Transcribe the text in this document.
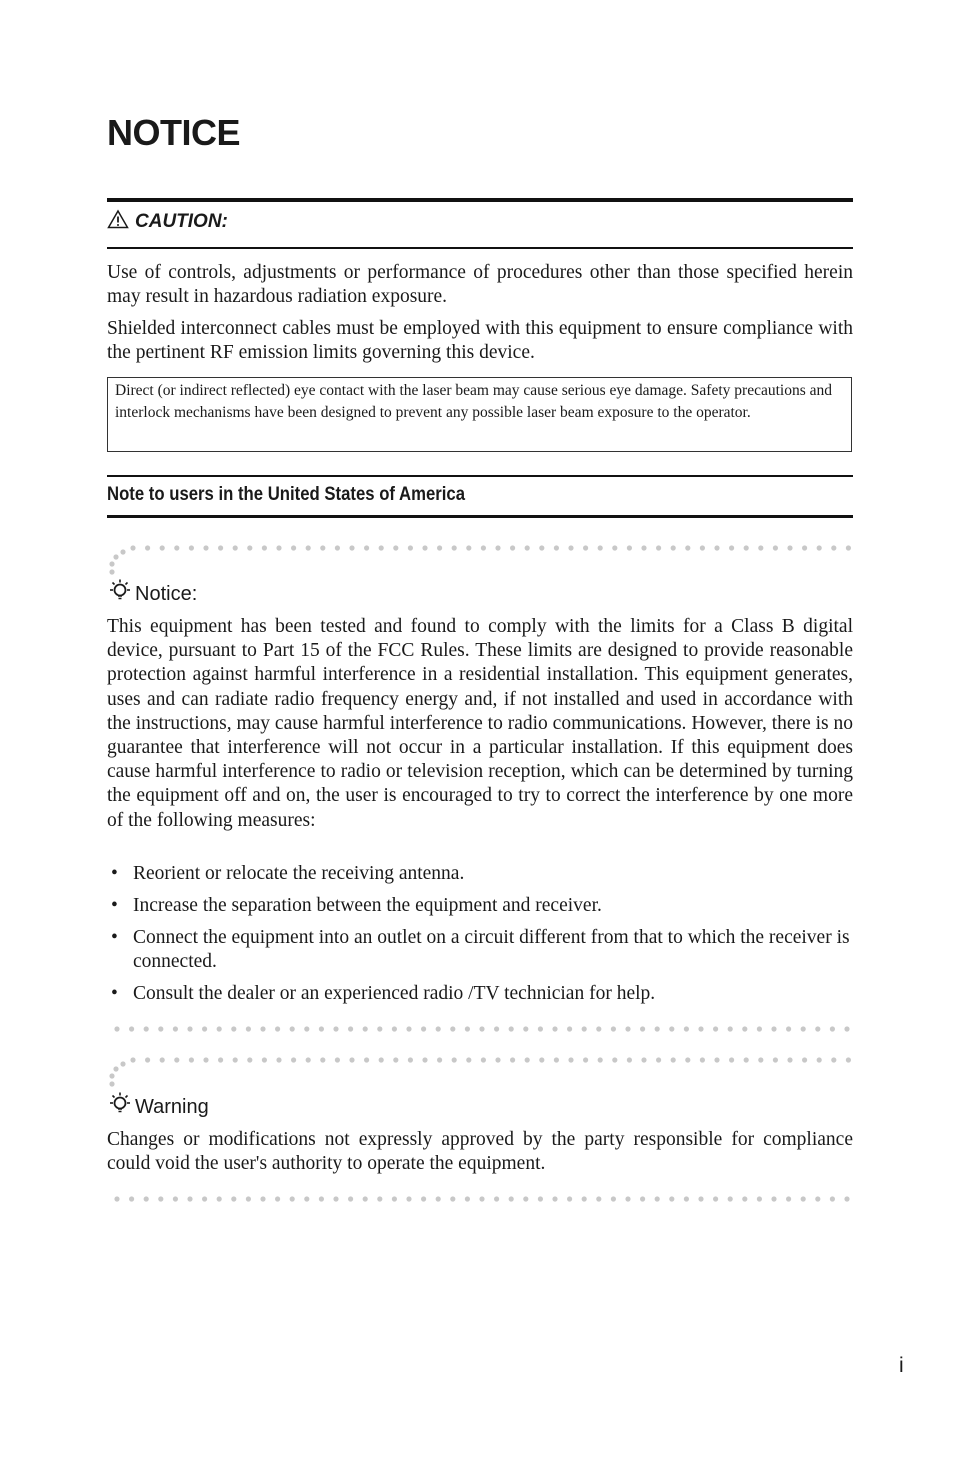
NOTICE
CAUTION:

Use of controls, adjustments or performance of procedures other than those specified herein may result in hazardous radiation exposure.

Shielded interconnect cables must be employed with this equipment to ensure compliance with the pertinent RF emission limits governing this device.

Direct (or indirect reflected) eye contact with the laser beam may cause serious eye damage. Safety precautions and interlock mechanisms have been designed to prevent any possible laser beam exposure to the operator.
Note to users in the United States of America
Notice:

This equipment has been tested and found to comply with the limits for a Class B digital device, pursuant to Part 15 of the FCC Rules. These limits are designed to provide reasonable protection against harmful interference in a residential installation. This equipment generates, uses and can radiate radio frequency energy and, if not installed and used in accordance with the instructions, may cause harmful interference to radio communications. However, there is no guarantee that interference will not occur in a particular installation. If this equipment does cause harmful interference to radio or television reception, which can be determined by turning the equipment off and on, the user is encouraged to try to correct the interference by one more of the following measures:

• Reorient or relocate the receiving antenna.
• Increase the separation between the equipment and receiver.
• Connect the equipment into an outlet on a circuit different from that to which the receiver is connected.
• Consult the dealer or an experienced radio /TV technician for help.
Warning

Changes or modifications not expressly approved by the party responsible for compliance could void the user's authority to operate the equipment.

i
